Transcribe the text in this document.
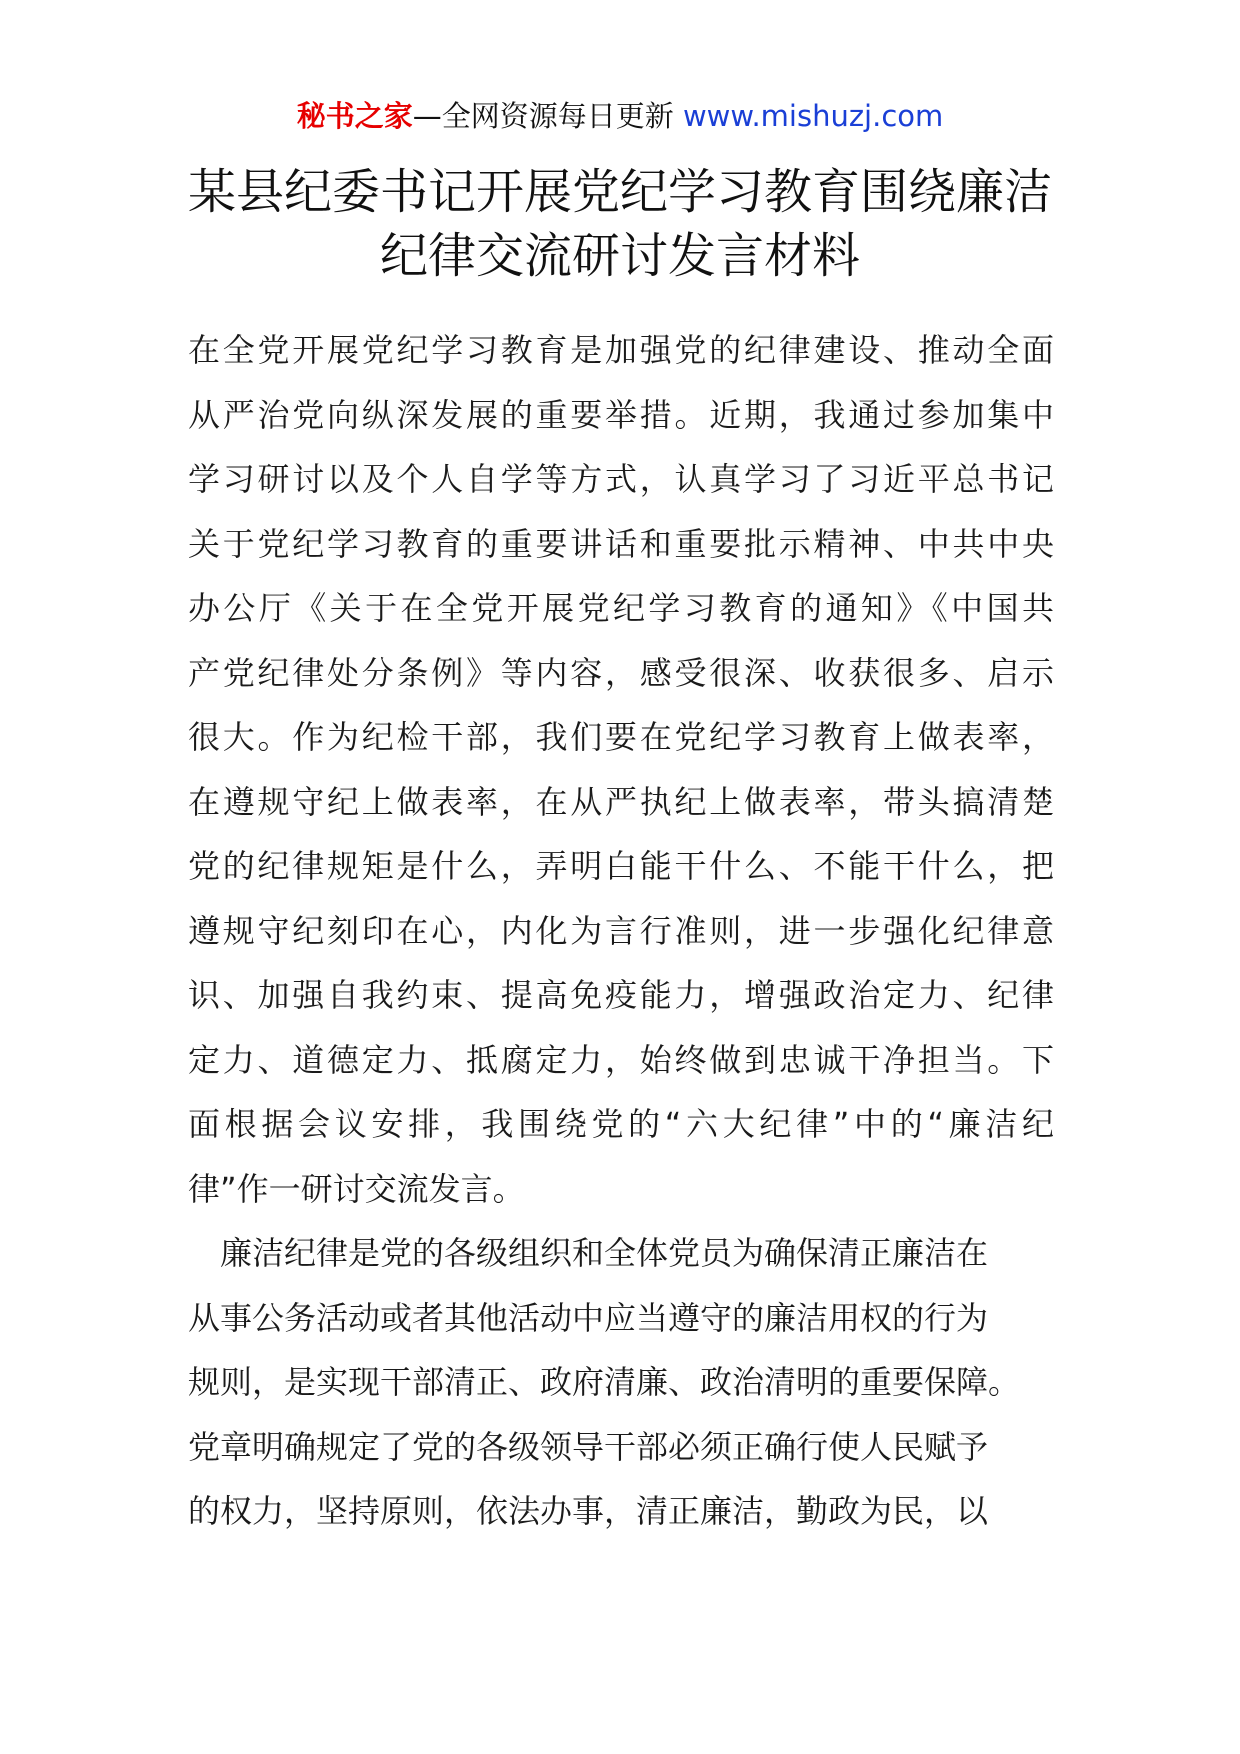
秘书之家—全网资源每日更新 www.mishuzj.com
某县纪委书记开展党纪学习教育围绕廉洁
纪律交流研讨发言材料

在全党开展党纪学习教育是加强党的纪律建设、推动全面
从严治党向纵深发展的重要举措。近期，我通过参加集中
学习研讨以及个人自学等方式，认真学习了习近平总书记
关于党纪学习教育的重要讲话和重要批示精神、中共中央
办公厅《关于在全党开展党纪学习教育的通知》《中国共
产党纪律处分条例》等内容，感受很深、收获很多、启示
很大。作为纪检干部，我们要在党纪学习教育上做表率，
在遵规守纪上做表率，在从严执纪上做表率，带头搞清楚
党的纪律规矩是什么，弄明白能干什么、不能干什么，把
遵规守纪刻印在心，内化为言行准则，进一步强化纪律意
识、加强自我约束、提高免疫能力，增强政治定力、纪律
定力、道德定力、抵腐定力，始终做到忠诚干净担当。下
面根据会议安排，我围绕党的“六大纪律”中的“廉洁纪
律”作一研讨交流发言。

　廉洁纪律是党的各级组织和全体党员为确保清正廉洁在
从事公务活动或者其他活动中应当遵守的廉洁用权的行为
规则，是实现干部清正、政府清廉、政治清明的重要保障。
党章明确规定了党的各级领导干部必须正确行使人民赋予
的权力，坚持原则，依法办事，清正廉洁，勤政为民，以
